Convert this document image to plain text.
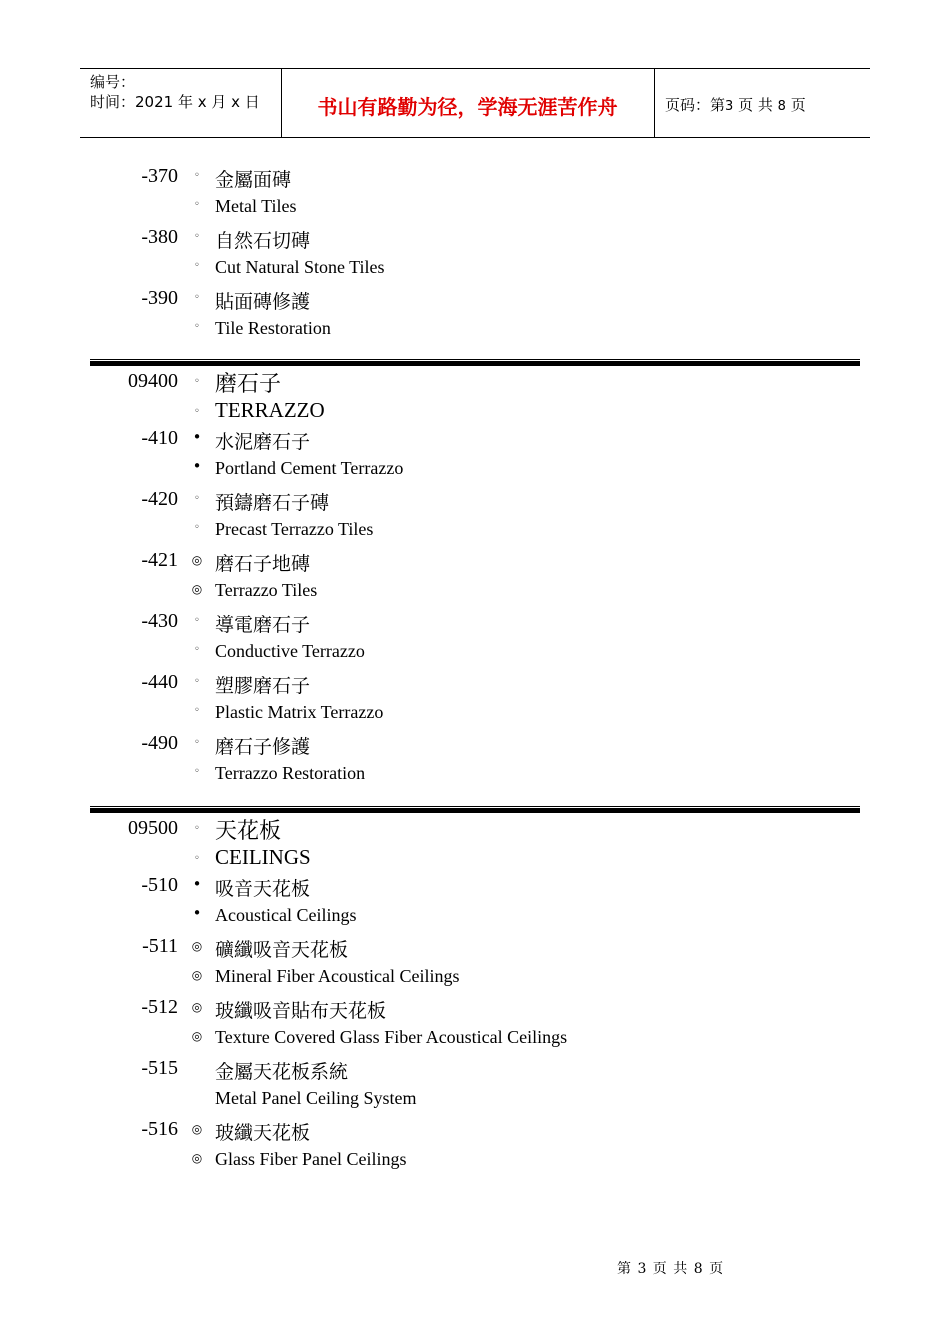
编号：
时间：2021 年 x 月 x 日	书山有路勤为径，学海无涯苦作舟	页码：第3 页 共 8 页
-370	◦ 金屬面磚
◦ Metal Tiles
-380	◦ 自然石切磚
◦ Cut Natural Stone Tiles
-390	◦ 貼面磚修護
◦ Tile Restoration
09400	◦ 磨石子
◦ TERRAZZO
-410 • 水泥磨石子
• Portland Cement Terrazzo
-420	◦ 預鑄磨石子磚
◦ Precast Terrazzo Tiles
-421 ◎ 磨石子地磚
◎ Terrazzo Tiles
-430	◦ 導電磨石子
◦ Conductive Terrazzo
-440	◦ 塑膠磨石子
◦ Plastic Matrix Terrazzo
-490	◦ 磨石子修護
◦ Terrazzo Restoration
09500	◦ 天花板
◦ CEILINGS
-510 • 吸音天花板
• Acoustical Ceilings
-511 ◎ 礦纖吸音天花板
◎ Mineral Fiber Acoustical Ceilings
-512 ◎ 玻纖吸音貼布天花板
◎ Texture Covered Glass Fiber Acoustical Ceilings
-515 金屬天花板系統
Metal Panel Ceiling System
-516 ◎ 玻纖天花板
◎ Glass Fiber Panel Ceilings
第 3 页 共 8 页
